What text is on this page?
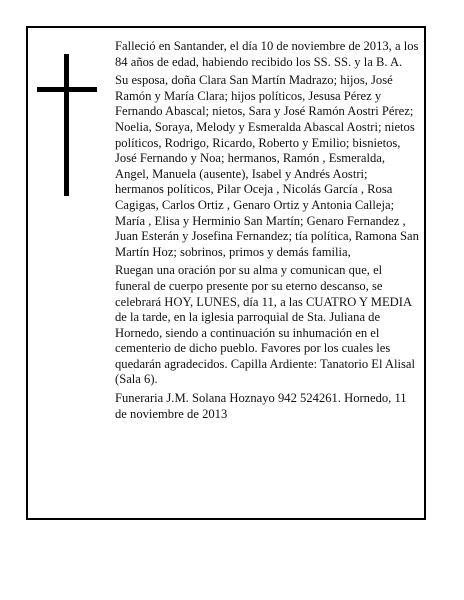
Falleció en Santander, el día 10 de noviembre de 2013, a los 84 años de edad, habiendo recibido los SS. SS. y la B. A.

Su esposa, doña Clara San Martín Madrazo; hijos, José Ramón y María Clara; hijos políticos, Jesusa Pérez y Fernando Abascal; nietos, Sara y José Ramón Aostri Pérez; Noelia, Soraya, Melody y Esmeralda Abascal Aostri; nietos políticos, Rodrigo, Ricardo, Roberto y Emilio; bisnietos, José Fernando y Noa; hermanos, Ramón , Esmeralda, Angel, Manuela (ausente), Isabel y Andrés Aostri; hermanos políticos, Pilar Oceja , Nicolás García , Rosa Cagigas, Carlos Ortiz , Genaro Ortiz y Antonia Calleja; María , Elisa y Herminio San Martín; Genaro Fernandez , Juan Esterán y Josefina Fernandez; tía política, Ramona San Martín Hoz; sobrinos, primos y demás familia,

Ruegan una oración por su alma y comunican que, el funeral de cuerpo presente por su eterno descanso, se celebrará HOY, LUNES, día 11, a las CUATRO Y MEDIA de la tarde, en la iglesia parroquial de Sta. Juliana de Hornedo, siendo a continuación su inhumación en el cementerio de dicho pueblo. Favores por los cuales les quedarán agradecidos. Capilla Ardiente: Tanatorio El Alisal (Sala 6).

Funeraria J.M. Solana Hoznayo 942 524261. Hornedo, 11 de noviembre de 2013
